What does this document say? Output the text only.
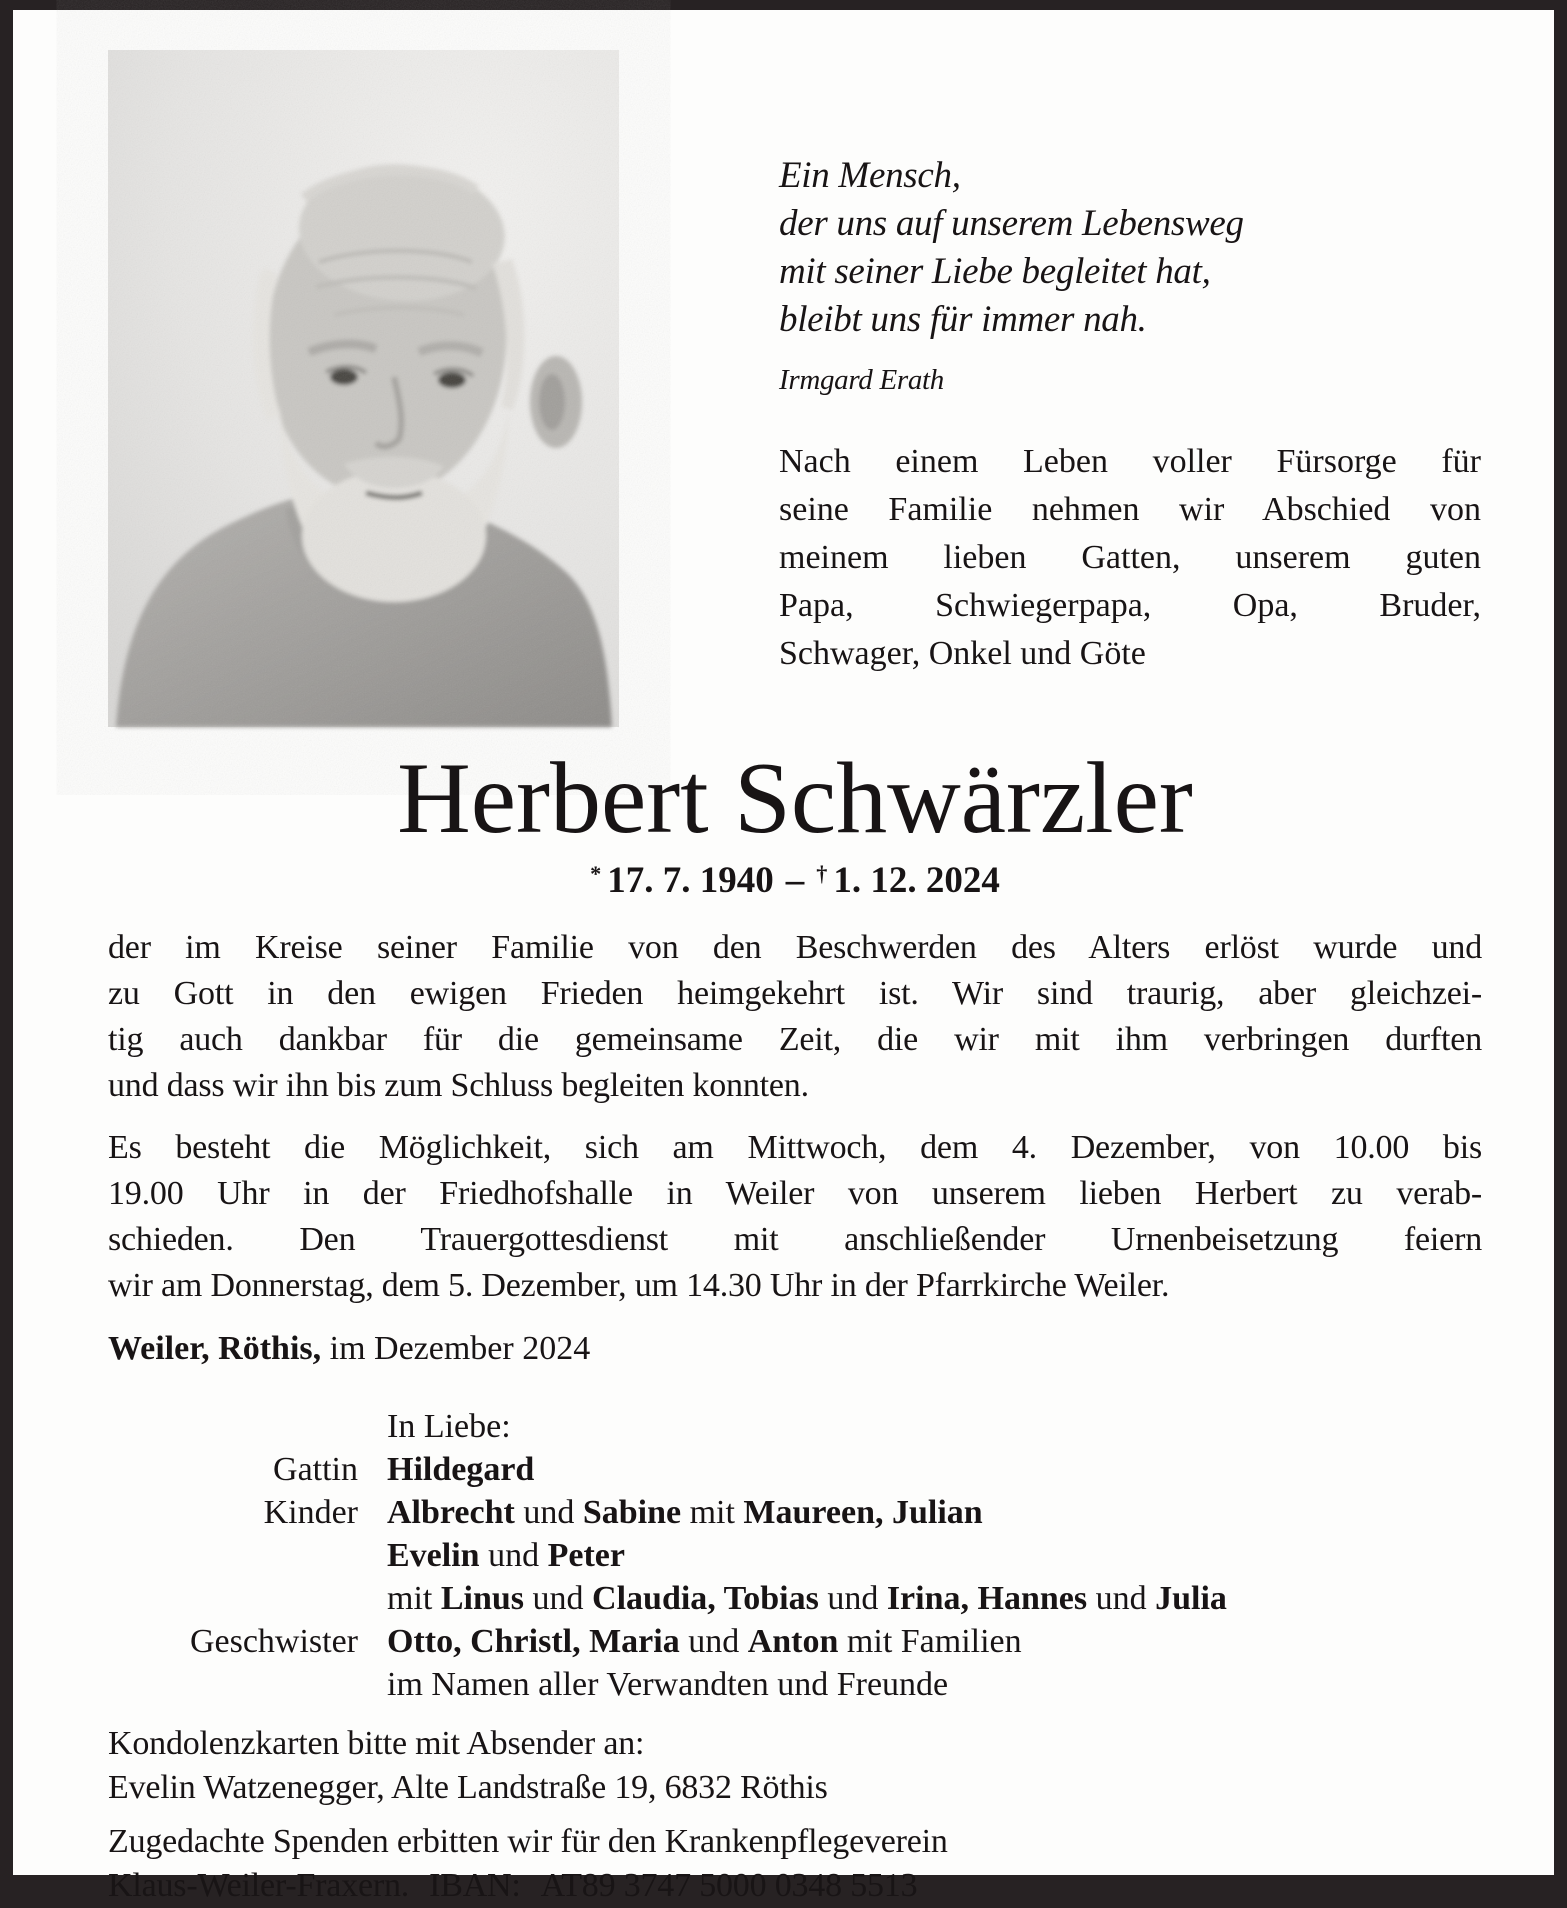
Ein Mensch,
der uns auf unserem Lebensweg
mit seiner Liebe begleitet hat,
bleibt uns für immer nah.
Irmgard Erath
Nach einem Leben voller Fürsorge für
seine Familie nehmen wir Abschied von
meinem lieben Gatten, unserem guten
Papa, Schwiegerpapa, Opa, Bruder,
Schwager, Onkel und Göte
Herbert Schwärzler
* 17. 7. 1940 – † 1. 12. 2024
der im Kreise seiner Familie von den Beschwerden des Alters erlöst wurde und
zu Gott in den ewigen Frieden heimgekehrt ist. Wir sind traurig, aber gleichzei-
tig auch dankbar für die gemeinsame Zeit, die wir mit ihm verbringen durften
und dass wir ihn bis zum Schluss begleiten konnten.
Es besteht die Möglichkeit, sich am Mittwoch, dem 4. Dezember, von 10.00 bis
19.00 Uhr in der Friedhofshalle in Weiler von unserem lieben Herbert zu verab-
schieden. Den Trauergottesdienst mit anschließender Urnenbeisetzung feiern
wir am Donnerstag, dem 5. Dezember, um 14.30 Uhr in der Pfarrkirche Weiler.

Weiler, Röthis, im Dezember 2024

In Liebe:
Gattin Hildegard
Kinder Albrecht und Sabine mit Maureen, Julian
Evelin und Peter
mit Linus und Claudia, Tobias und Irina, Hannes und Julia
Geschwister Otto, Christl, Maria und Anton mit Familien
im Namen aller Verwandten und Freunde
Kondolenzkarten bitte mit Absender an:
Evelin Watzenegger, Alte Landstraße 19, 6832 Röthis
Zugedachte Spenden erbitten wir für den Krankenpflegeverein
Klaus-Weiler-Fraxern. IBAN: AT89 3747 5000 0348 5513
